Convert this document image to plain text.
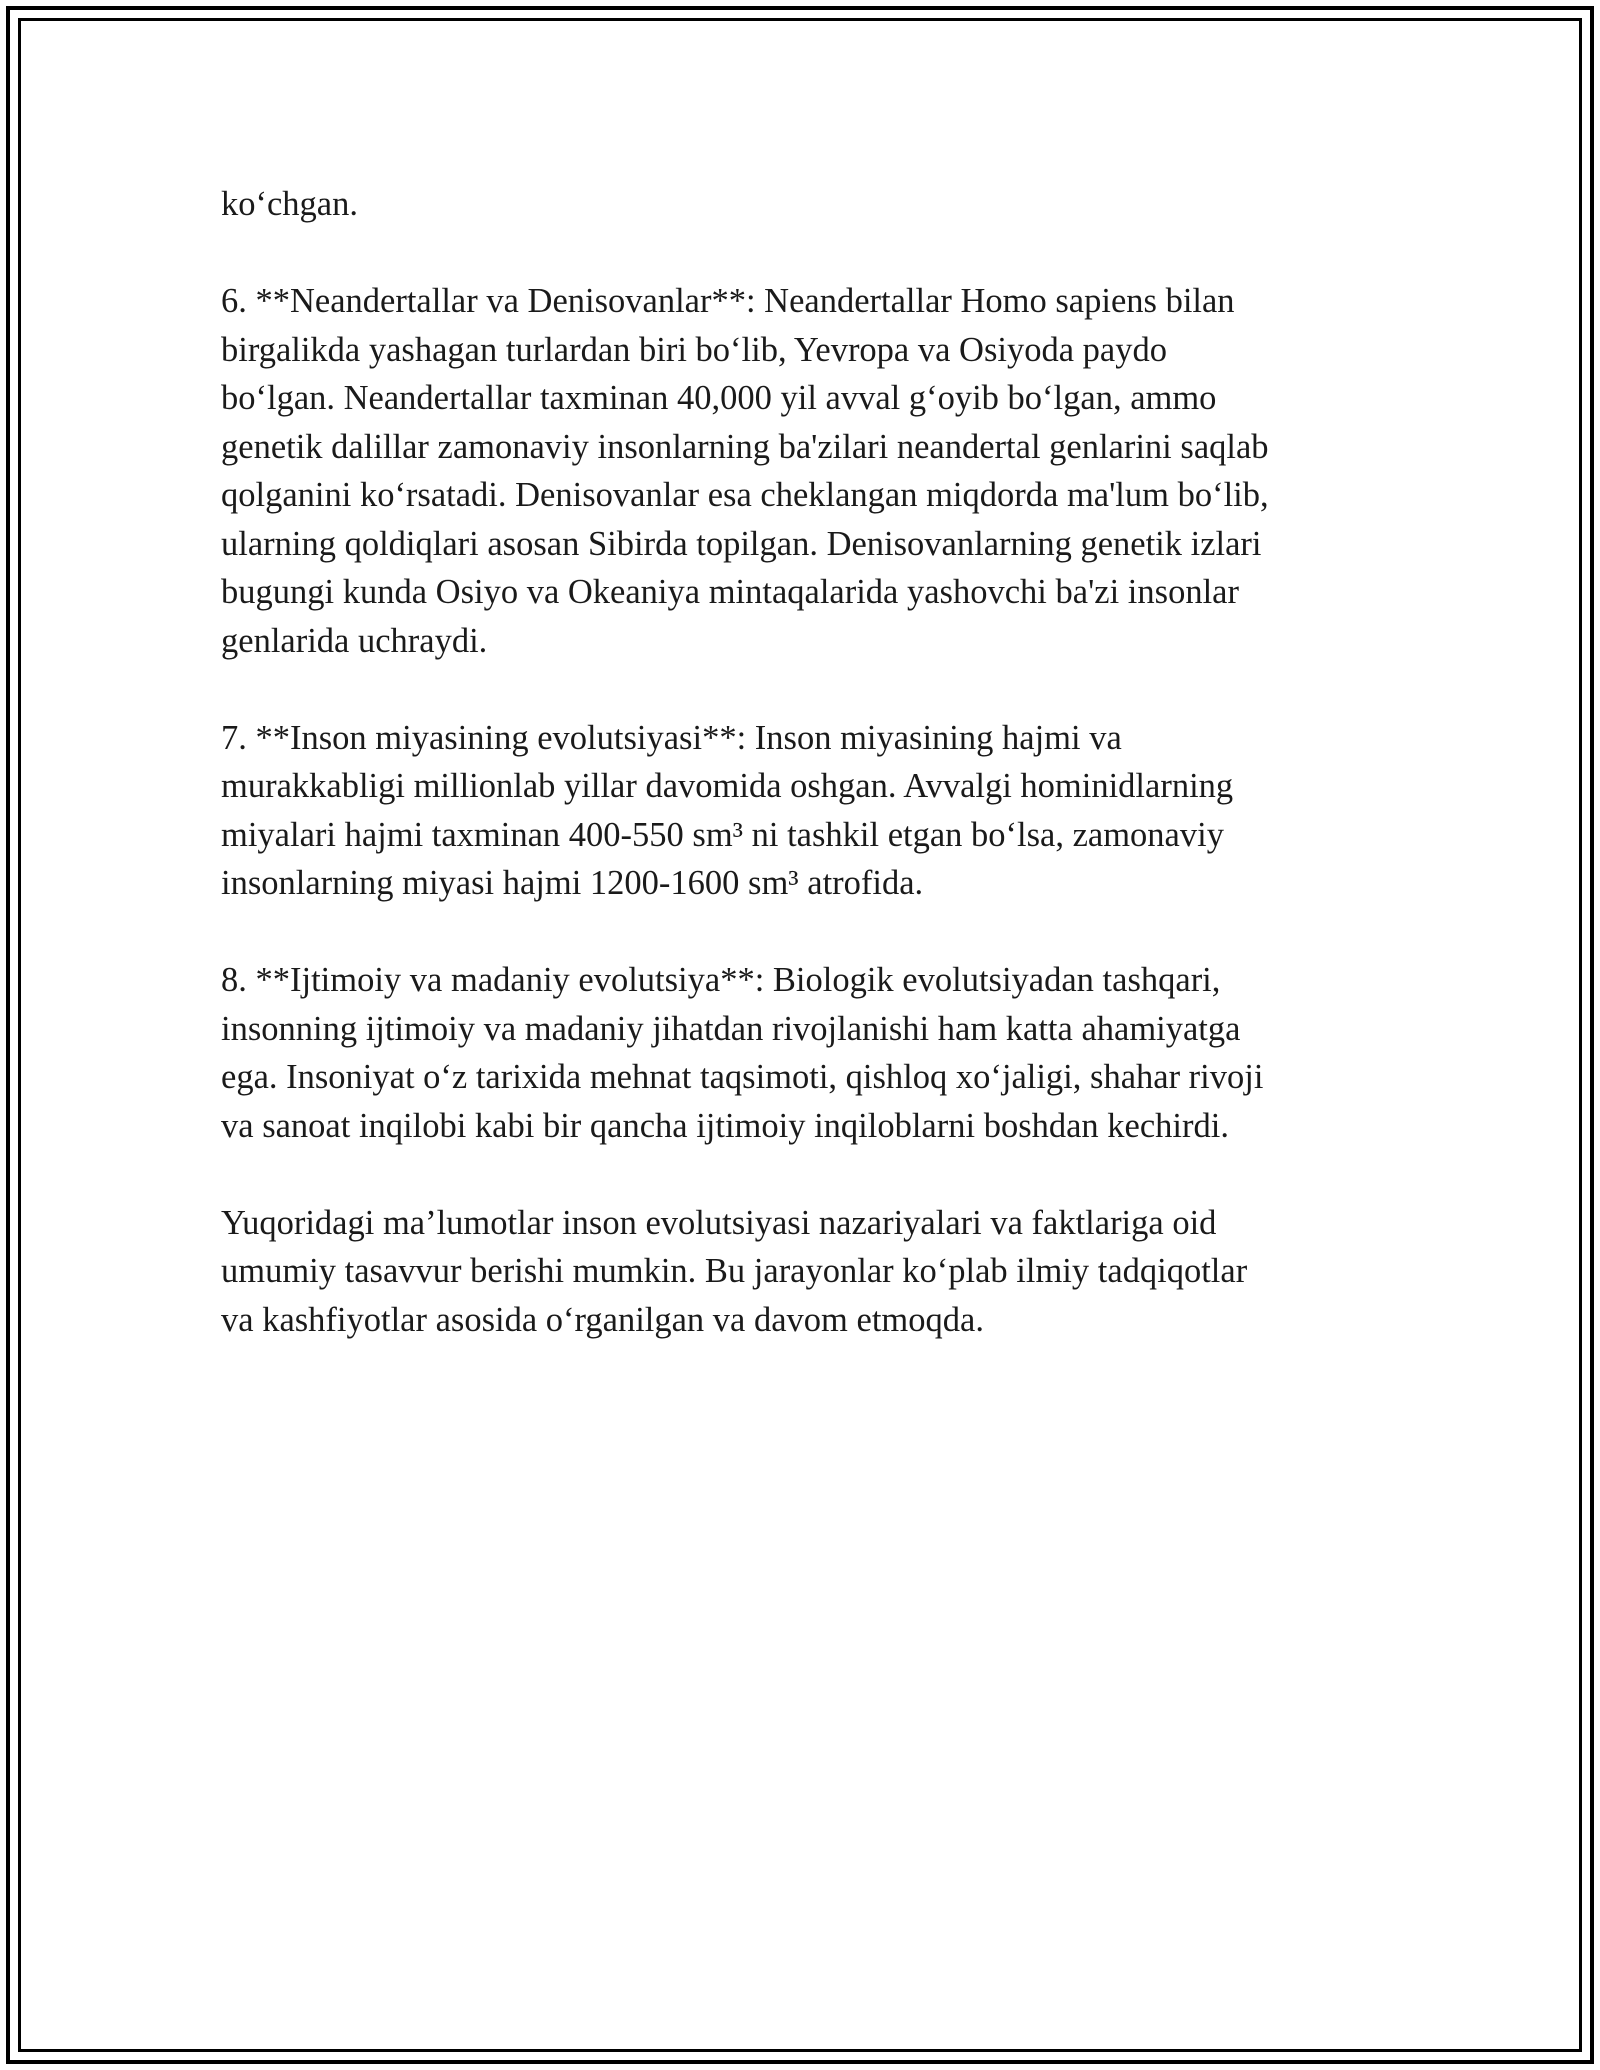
koʻchgan.

6. **Neandertallar va Denisovanlar**: Neandertallar Homo sapiens bilan
birgalikda yashagan turlardan biri boʻlib, Yevropa va Osiyoda paydo
boʻlgan. Neandertallar taxminan 40,000 yil avval gʻoyib boʻlgan, ammo
genetik dalillar zamonaviy insonlarning ba'zilari neandertal genlarini saqlab
qolganini koʻrsatadi. Denisovanlar esa cheklangan miqdorda ma'lum boʻlib,
ularning qoldiqlari asosan Sibirda topilgan. Denisovanlarning genetik izlari
bugungi kunda Osiyo va Okeaniya mintaqalarida yashovchi ba'zi insonlar
genlarida uchraydi.

7. **Inson miyasining evolutsiyasi**: Inson miyasining hajmi va
murakkabligi millionlab yillar davomida oshgan. Avvalgi hominidlarning
miyalari hajmi taxminan 400-550 sm³ ni tashkil etgan boʻlsa, zamonaviy
insonlarning miyasi hajmi 1200-1600 sm³ atrofida.

8. **Ijtimoiy va madaniy evolutsiya**: Biologik evolutsiyadan tashqari,
insonning ijtimoiy va madaniy jihatdan rivojlanishi ham katta ahamiyatga
ega. Insoniyat oʻz tarixida mehnat taqsimoti, qishloq xoʻjaligi, shahar rivoji
va sanoat inqilobi kabi bir qancha ijtimoiy inqiloblarni boshdan kechirdi.

Yuqoridagi ma’lumotlar inson evolutsiyasi nazariyalari va faktlariga oid
umumiy tasavvur berishi mumkin. Bu jarayonlar koʻplab ilmiy tadqiqotlar
va kashfiyotlar asosida oʻrganilgan va davom etmoqda.
